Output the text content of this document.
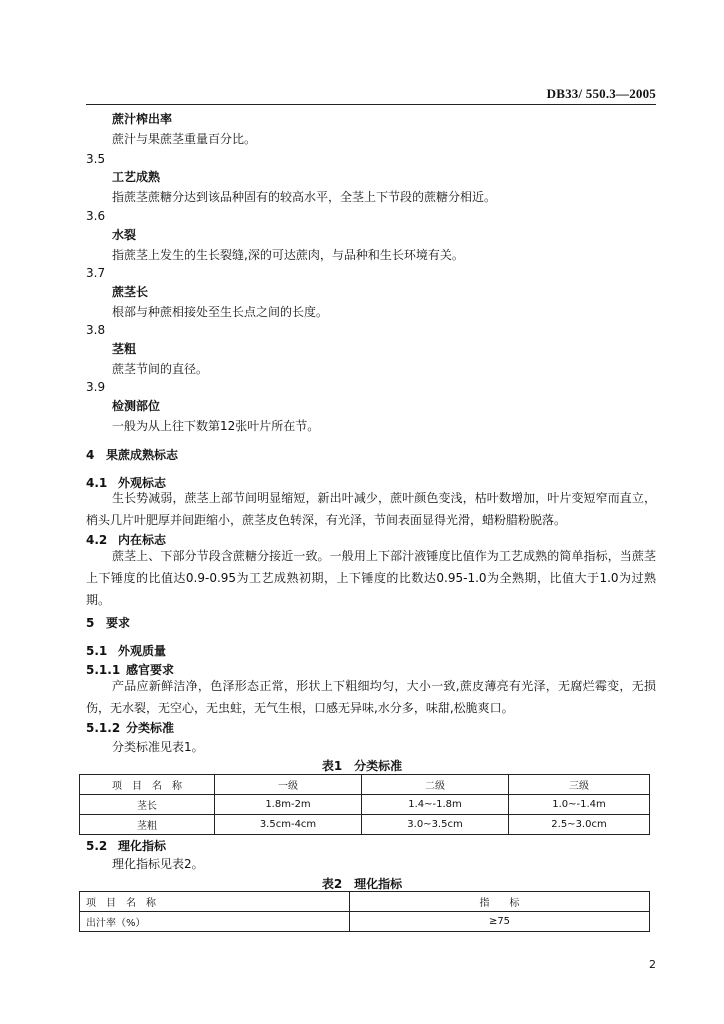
DB33/ 550.3—2005
蔗汁榨出率
蔗汁与果蔗茎重量百分比。
3.5
工艺成熟
指蔗茎蔗糖分达到该品种固有的较高水平，全茎上下节段的蔗糖分相近。
3.6
水裂
指蔗茎上发生的生长裂缝,深的可达蔗肉，与品种和生长环境有关。
3.7
蔗茎长
根部与种蔗相接处至生长点之间的长度。
3.8
茎粗
蔗茎节间的直径。
3.9
检测部位
一般为从上往下数第12张叶片所在节。
4 果蔗成熟标志
4.1 外观标志

生长势减弱，蔗茎上部节间明显缩短，新出叶减少，蔗叶颜色变浅，枯叶数增加，叶片变短窄而直立，梢头几片叶肥厚并间距缩小，蔗茎皮色转深，有光泽，节间表面显得光滑，蜡粉腊粉脱落。

4.2 内在标志

蔗茎上、下部分节段含蔗糖分接近一致。一般用上下部汁液锤度比值作为工艺成熟的简单指标，当蔗茎上下锤度的比值达0.9-0.95为工艺成熟初期，上下锤度的比数达0.95-1.0为全熟期，比值大于1.0为过熟期。

5 要求
5.1 外观质量
5.1.1 感官要求

产品应新鲜洁净，色泽形态正常，形状上下粗细均匀，大小一致,蔗皮薄亮有光泽，无腐烂霉变，无损伤，无水裂，无空心，无虫蛀，无气生根，口感无异味,水分多，味甜,松脆爽口。

5.1.2 分类标准
分类标准见表1。
表1　分类标准
项　目　名　称	一级	二级	三级
茎长	1.8m-2m	1.4~-1.8m	1.0~-1.4m
茎粗	3.5cm-4cm	3.0~3.5cm	2.5~3.0cm
5.2 理化指标
理化指标见表2。
表2　理化指标
项　目　名　称	指　　标
出汁率（%）	≥75
2
